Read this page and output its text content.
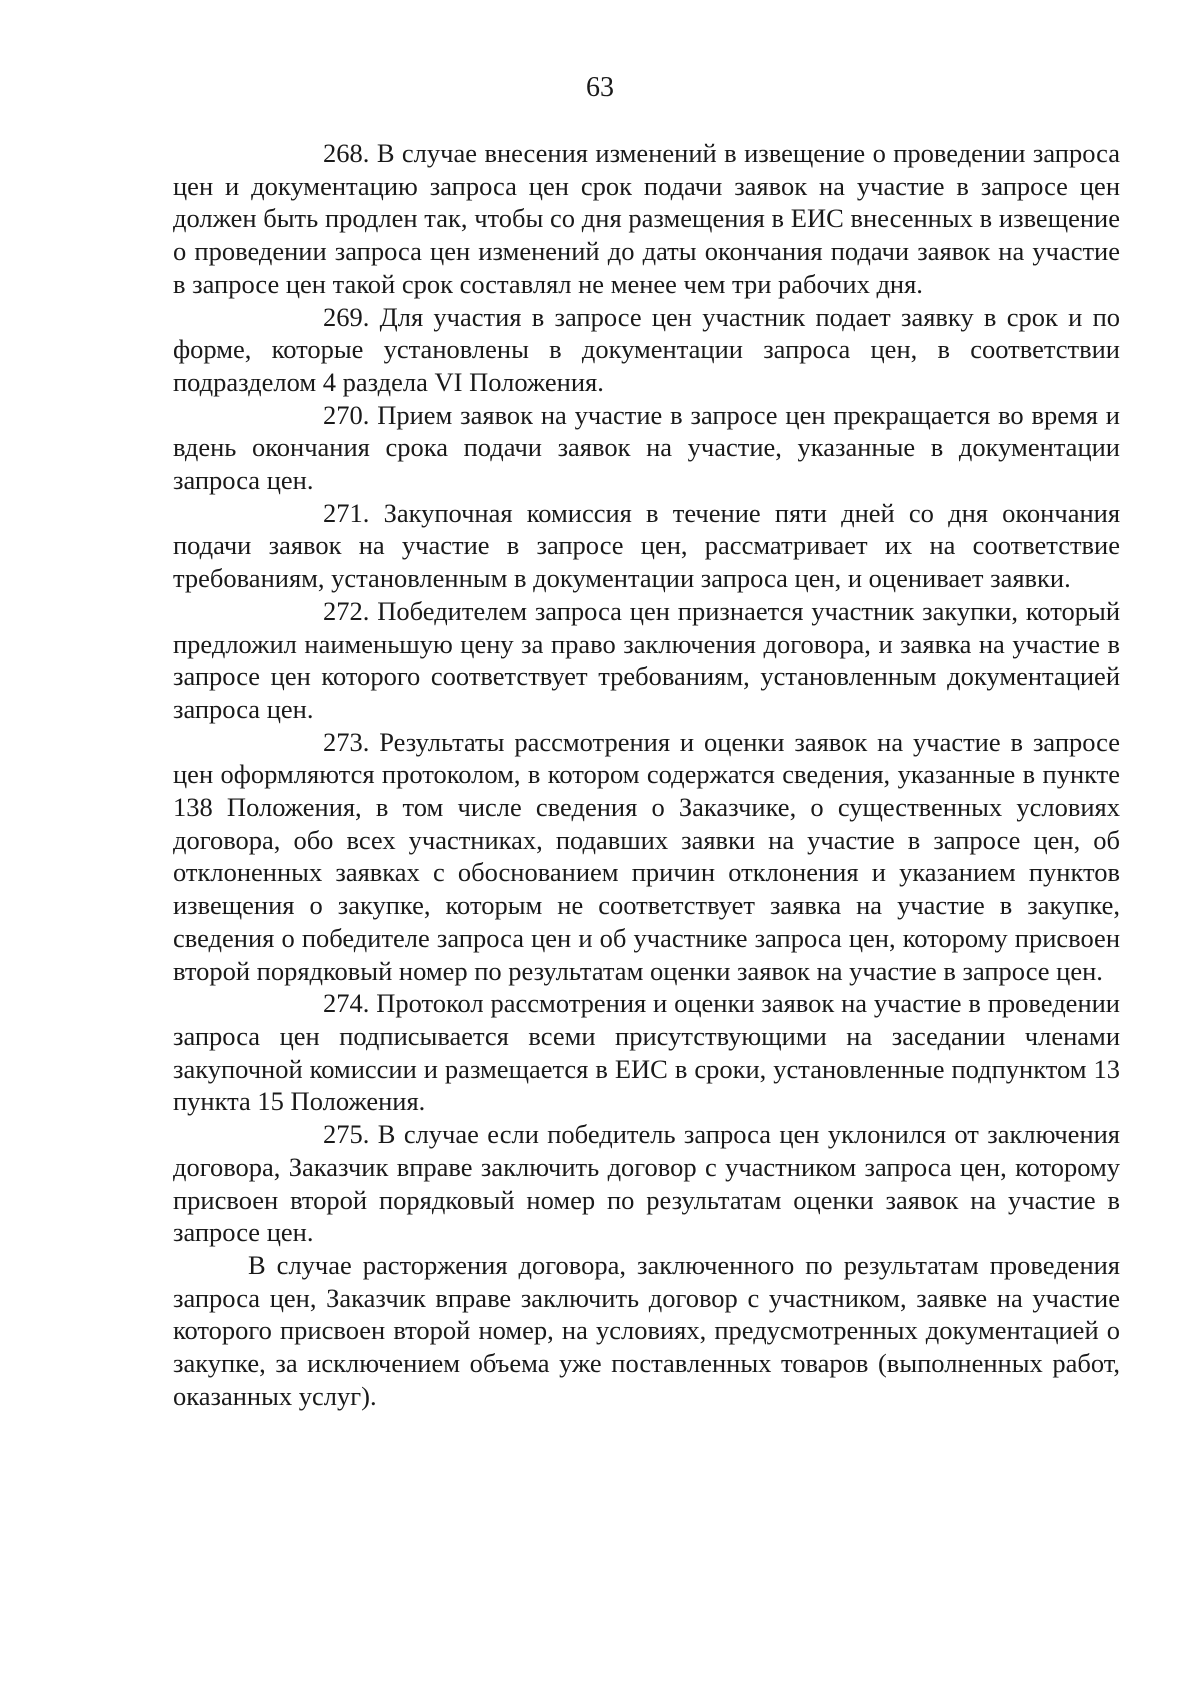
63

268. В случае внесения изменений в извещение о проведении запроса цен и документацию запроса цен срок подачи заявок на участие в запросе цен должен быть продлен так, чтобы со дня размещения в ЕИС внесенных в извещение о проведении запроса цен изменений до даты окончания подачи заявок на участие в запросе цен такой срок составлял не менее чем три рабочих дня.

269. Для участия в запросе цен участник подает заявку в срок и по форме, которые установлены в документации запроса цен, в соответствии подразделом 4 раздела VI Положения.

270. Прием заявок на участие в запросе цен прекращается во время и вдень окончания срока подачи заявок на участие, указанные в документации запроса цен.

271. Закупочная комиссия в течение пяти дней со дня окончания подачи заявок на участие в запросе цен, рассматривает их на соответствие требованиям, установленным в документации запроса цен, и оценивает заявки.

272. Победителем запроса цен признается участник закупки, который предложил наименьшую цену за право заключения договора, и заявка на участие в запросе цен которого соответствует требованиям, установленным документацией запроса цен.

273. Результаты рассмотрения и оценки заявок на участие в запросе цен оформляются протоколом, в котором содержатся сведения, указанные в пункте 138 Положения, в том числе сведения о Заказчике, о существенных условиях договора, обо всех участниках, подавших заявки на участие в запросе цен, об отклоненных заявках с обоснованием причин отклонения и указанием пунктов извещения о закупке, которым не соответствует заявка на участие в закупке, сведения о победителе запроса цен и об участнике запроса цен, которому присвоен второй порядковый номер по результатам оценки заявок на участие в запросе цен.

274. Протокол рассмотрения и оценки заявок на участие в проведении запроса цен подписывается всеми присутствующими на заседании членами закупочной комиссии и размещается в ЕИС в сроки, установленные подпунктом 13 пункта 15 Положения.

275. В случае если победитель запроса цен уклонился от заключения договора, Заказчик вправе заключить договор с участником запроса цен, которому присвоен второй порядковый номер по результатам оценки заявок на участие в запросе цен.

В случае расторжения договора, заключенного по результатам проведения запроса цен, Заказчик вправе заключить договор с участником, заявке на участие которого присвоен второй номер, на условиях, предусмотренных документацией о закупке, за исключением объема уже поставленных товаров (выполненных работ, оказанных услуг).
